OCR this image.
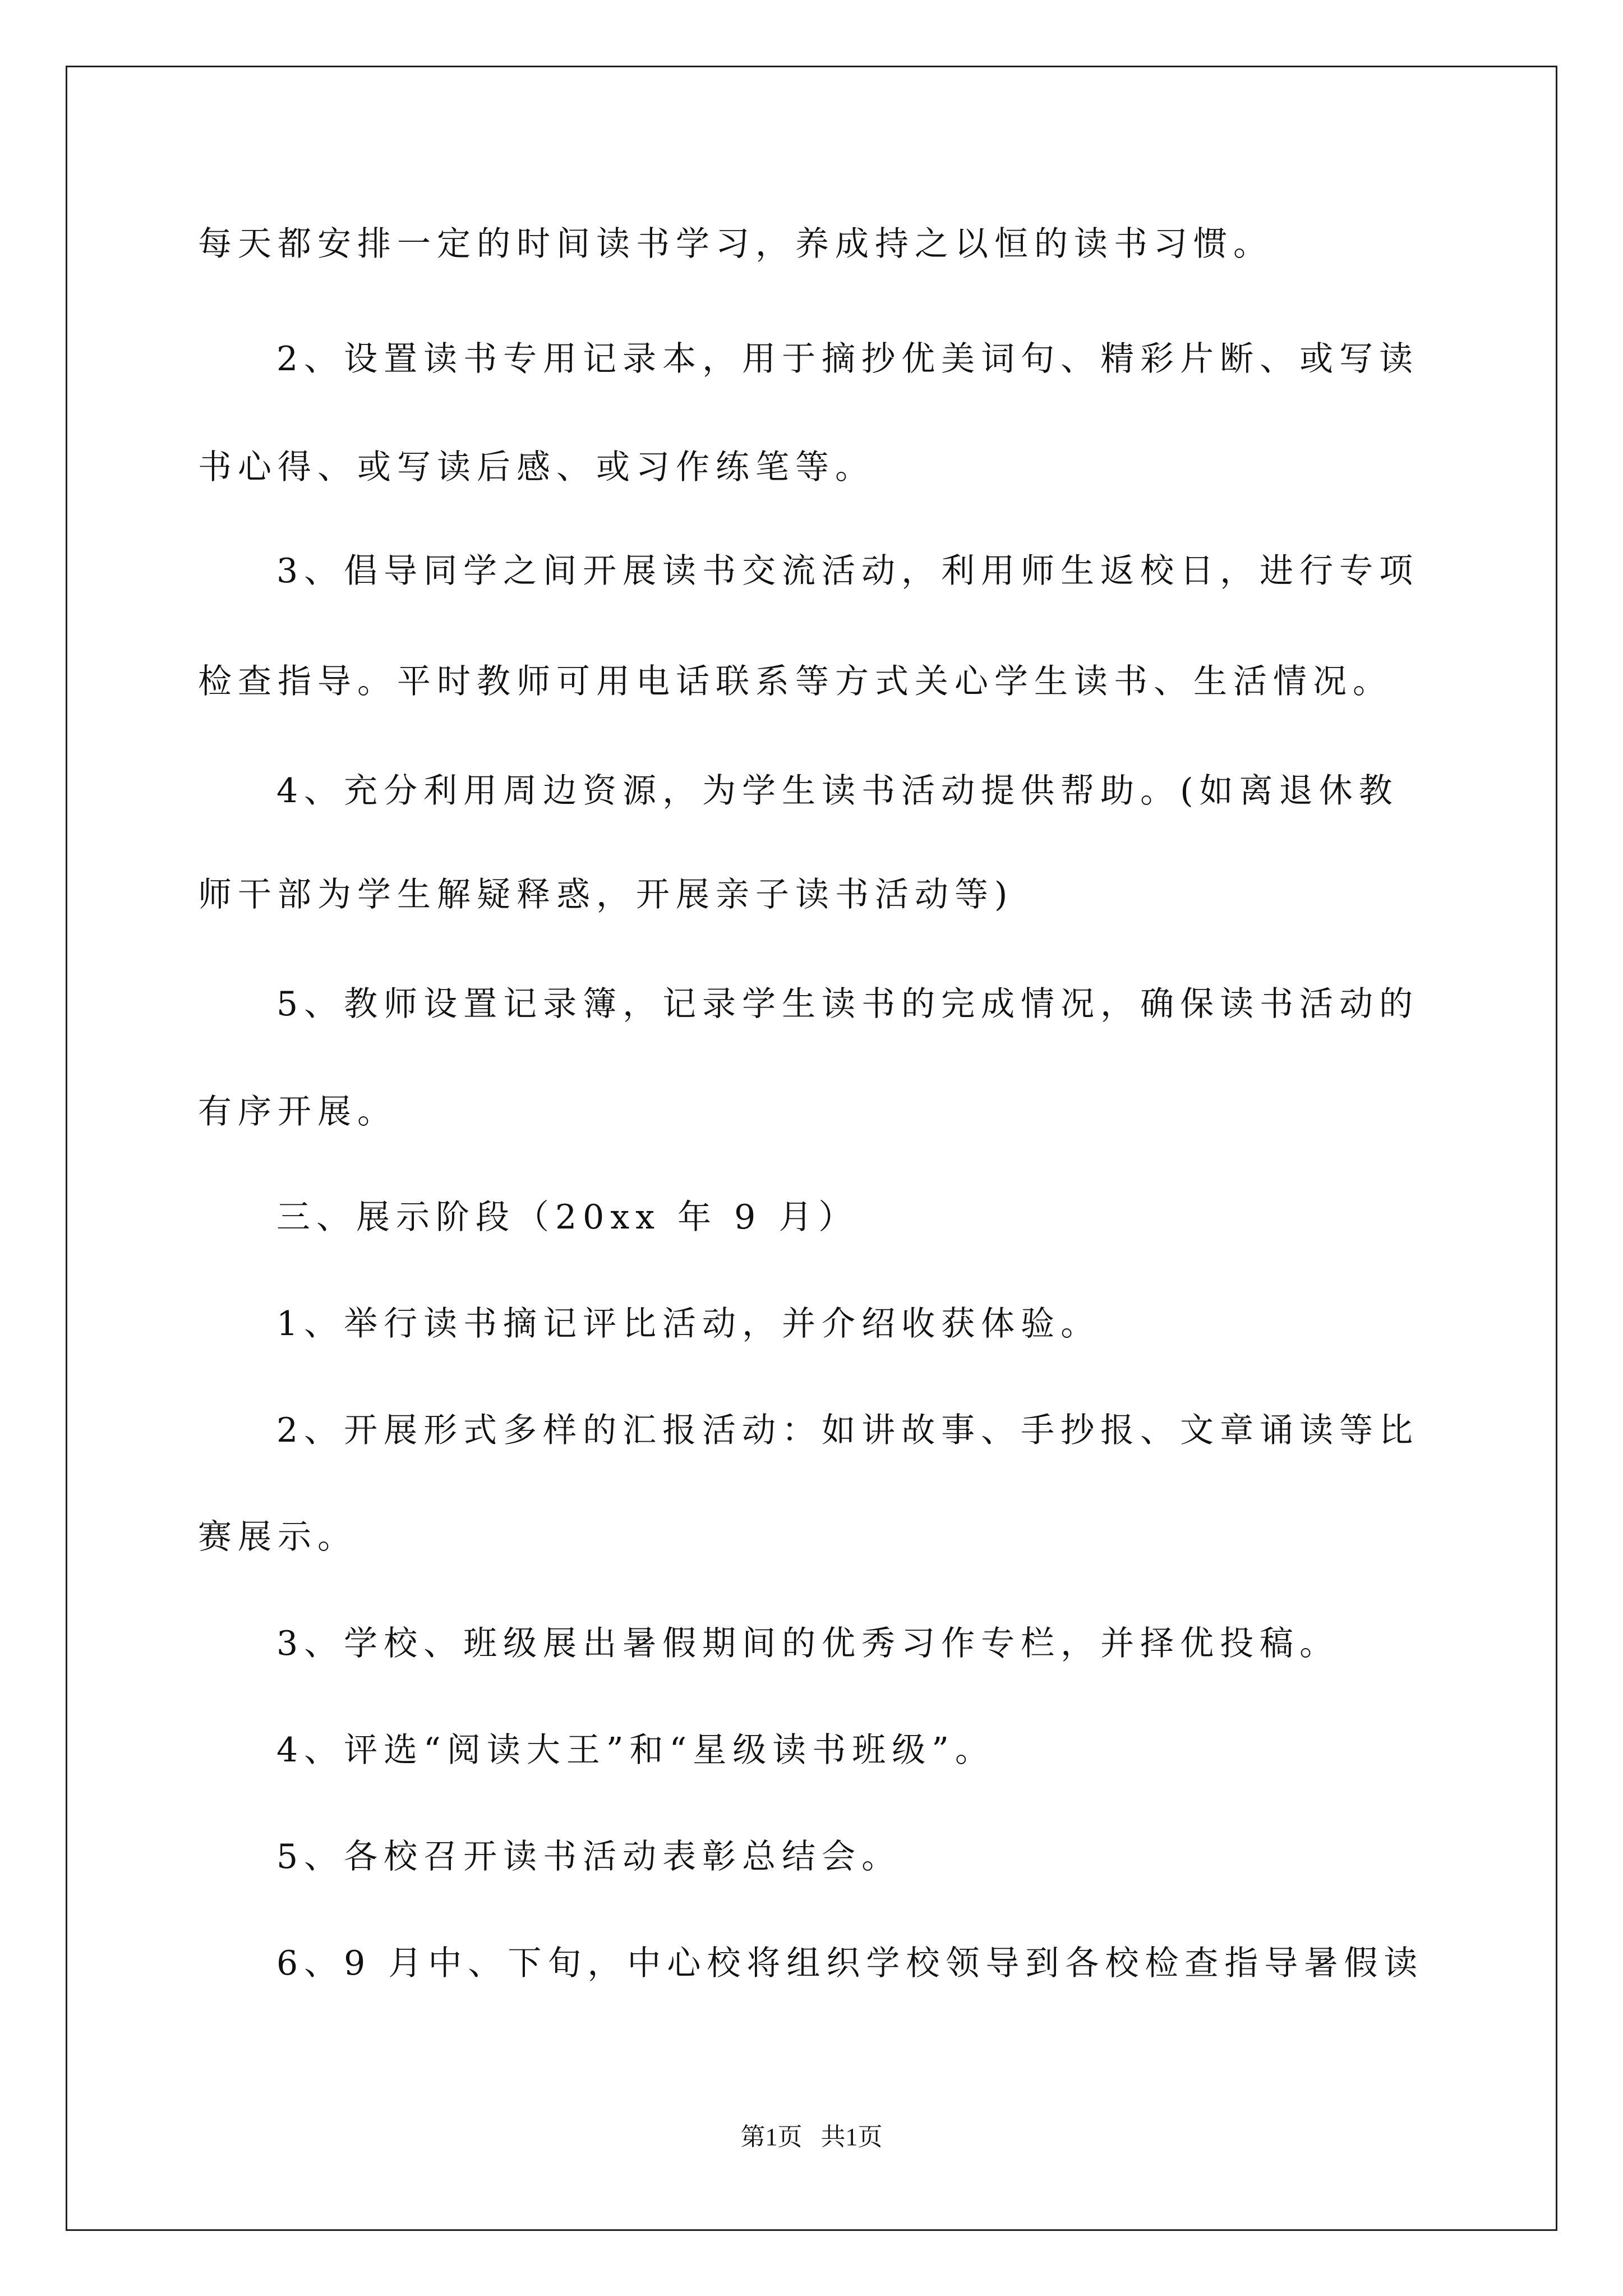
每天都安排一定的时间读书学习，养成持之以恒的读书习惯。

2、设置读书专用记录本，用于摘抄优美词句、精彩片断、或写读

书心得、或写读后感、或习作练笔等。

3、倡导同学之间开展读书交流活动，利用师生返校日，进行专项

检查指导。平时教师可用电话联系等方式关心学生读书、生活情况。

4、充分利用周边资源，为学生读书活动提供帮助。(如离退休教

师干部为学生解疑释惑，开展亲子读书活动等)

5、教师设置记录簿，记录学生读书的完成情况，确保读书活动的

有序开展。

三、展示阶段（20xx 年 9 月）

1、举行读书摘记评比活动，并介绍收获体验。

2、开展形式多样的汇报活动：如讲故事、手抄报、文章诵读等比

赛展示。

3、学校、班级展出暑假期间的优秀习作专栏，并择优投稿。

4、评选“阅读大王”和“星级读书班级”。

5、各校召开读书活动表彰总结会。

6、9 月中、下旬，中心校将组织学校领导到各校检查指导暑假读

第1页   共1页
